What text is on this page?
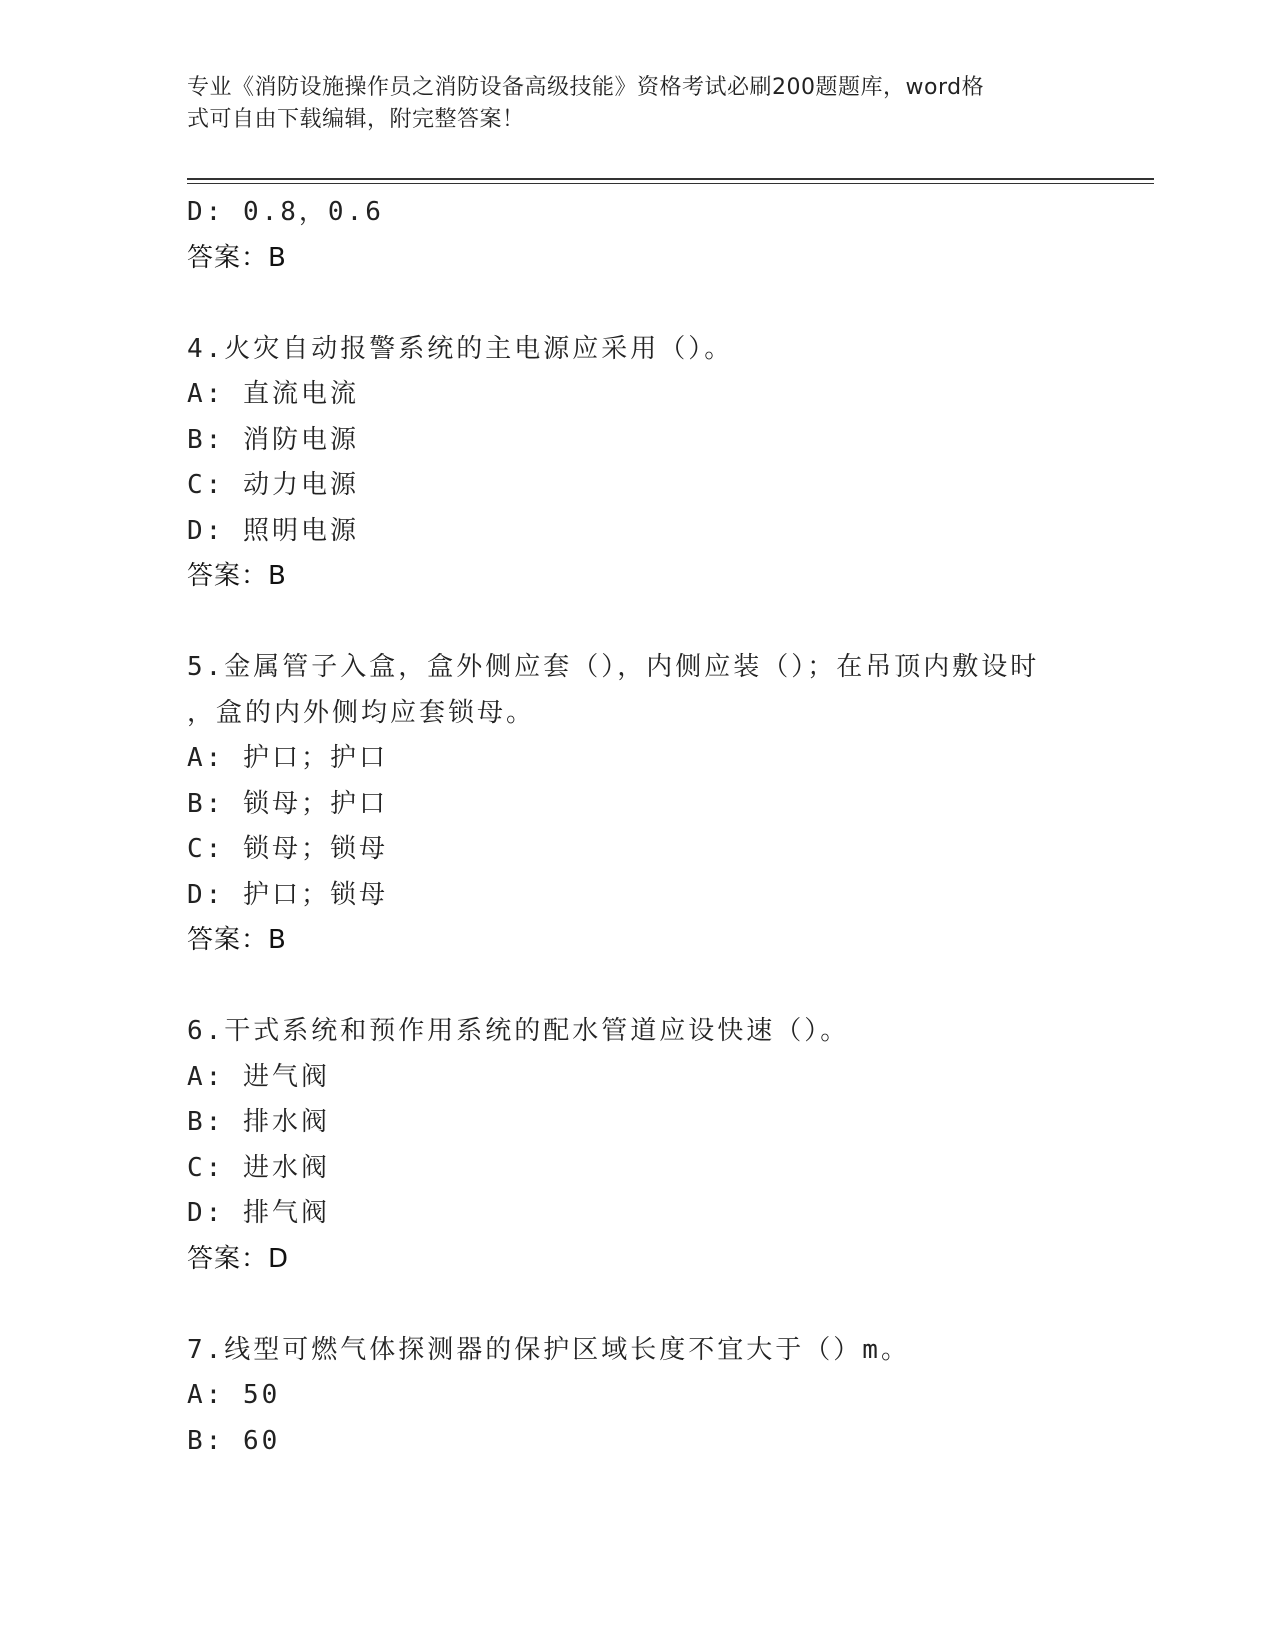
专业《消防设施操作员之消防设备高级技能》资格考试必刷200题题库，word格
式可自由下载编辑，附完整答案！
D: 0.8，0.6
答案：B
4.火灾自动报警系统的主电源应采用（）。
A: 直流电流
B: 消防电源
C: 动力电源
D: 照明电源
答案：B
5.金属管子入盒，盒外侧应套（），内侧应装（）；在吊顶内敷设时
，盒的内外侧均应套锁母。
A: 护口；护口
B: 锁母；护口
C: 锁母；锁母
D: 护口；锁母
答案：B
6.干式系统和预作用系统的配水管道应设快速（）。
A: 进气阀
B: 排水阀
C: 进水阀
D: 排气阀
答案：D
7.线型可燃气体探测器的保护区域长度不宜大于（）m。
A: 50
B: 60
